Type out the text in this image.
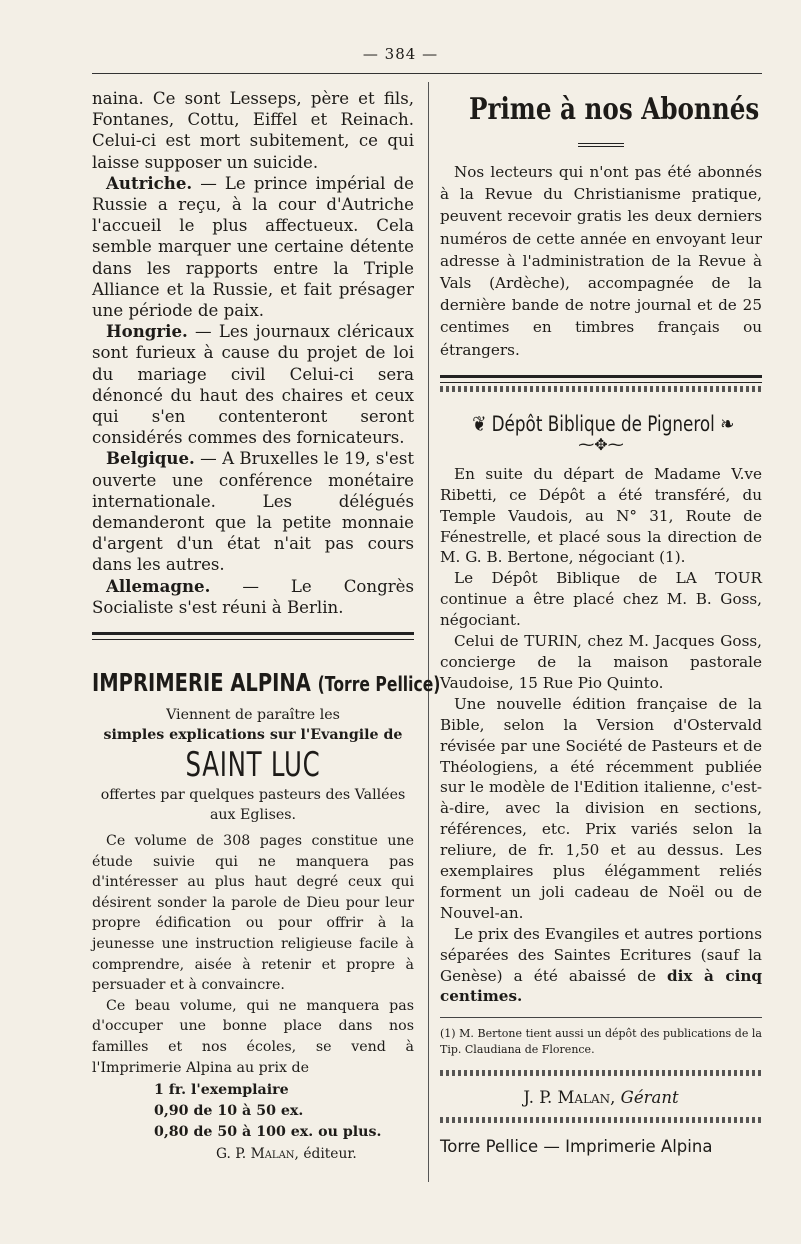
— 384 —

naina. Ce sont Lesseps, père et fils, Fontanes, Cottu, Eiffel et Reinach. Celui-ci est mort subitement, ce qui laisse supposer un suicide.

Autriche. — Le prince impérial de Russie a reçu, à la cour d'Autriche l'accueil le plus affectueux. Cela semble marquer une certaine détente dans les rapports entre la Triple Alliance et la Russie, et fait présager une période de paix.

Hongrie. — Les journaux cléricaux sont furieux à cause du projet de loi du mariage civil Celui-ci sera dénoncé du haut des chaires et ceux qui s'en contenteront seront considérés commes des fornicateurs.

Belgique. — A Bruxelles le 19, s'est ouverte une conférence monétaire internationale. Les délégués demanderont que la petite monnaie d'argent d'un état n'ait pas cours dans les autres.

Allemagne. — Le Congrès Socialiste s'est réuni à Berlin.

IMPRIMERIE ALPINA (Torre Pellice)

Viennent de paraître les

simples explications sur l'Evangile de

SAINT LUC

offertes par quelques pasteurs des Vallées aux Eglises.

Ce volume de 308 pages constitue une étude suivie qui ne manquera pas d'intéresser au plus haut degré ceux qui désirent sonder la parole de Dieu pour leur propre édification ou pour offrir à la jeunesse une instruction religieuse facile à comprendre, aisée à retenir et propre à persuader et à convaincre.

Ce beau volume, qui ne manquera pas d'occuper une bonne place dans nos familles et nos écoles, se vend à l'Imprimerie Alpina au prix de

1 fr. l'exemplaire

0,90 de 10 à 50 ex.

0,80 de 50 à 100 ex. ou plus.

G. P. Malan, éditeur.

Prime à nos Abonnés

Nos lecteurs qui n'ont pas été abonnés à la Revue du Christianisme pratique, peuvent recevoir gratis les deux derniers numéros de cette année en envoyant leur adresse à l'administration de la Revue à Vals (Ardèche), accompagnée de la dernière bande de notre journal et de 25 centimes en timbres français ou étrangers.

❦ Dépôt Biblique de Pignerol ❧

⁓✥⁓

En suite du départ de Madame V.ve Ribetti, ce Dépôt a été transféré, du Temple Vaudois, au N° 31, Route de Fénestrelle, et placé sous la direction de M. G. B. Bertone, négociant (1).

Le Dépôt Biblique de LA TOUR continue a être placé chez M. B. Goss, négociant.

Celui de TURIN, chez M. Jacques Goss, concierge de la maison pastorale Vaudoise, 15 Rue Pio Quinto.

Une nouvelle édition française de la Bible, selon la Version d'Ostervald révisée par une Société de Pasteurs et de Théologiens, a été récemment publiée sur le modèle de l'Edition italienne, c'est-à-dire, avec la division en sections, références, etc. Prix variés selon la reliure, de fr. 1,50 et au dessus. Les exemplaires plus élégamment reliés forment un joli cadeau de Noël ou de Nouvel-an.

Le prix des Evangiles et autres portions séparées des Saintes Ecritures (sauf la Genèse) a été abaissé de dix à cinq centimes.

(1) M. Bertone tient aussi un dépôt des publications de la Tip. Claudiana de Florence.

J. P. Malan, Gérant

Torre Pellice — Imprimerie Alpina
